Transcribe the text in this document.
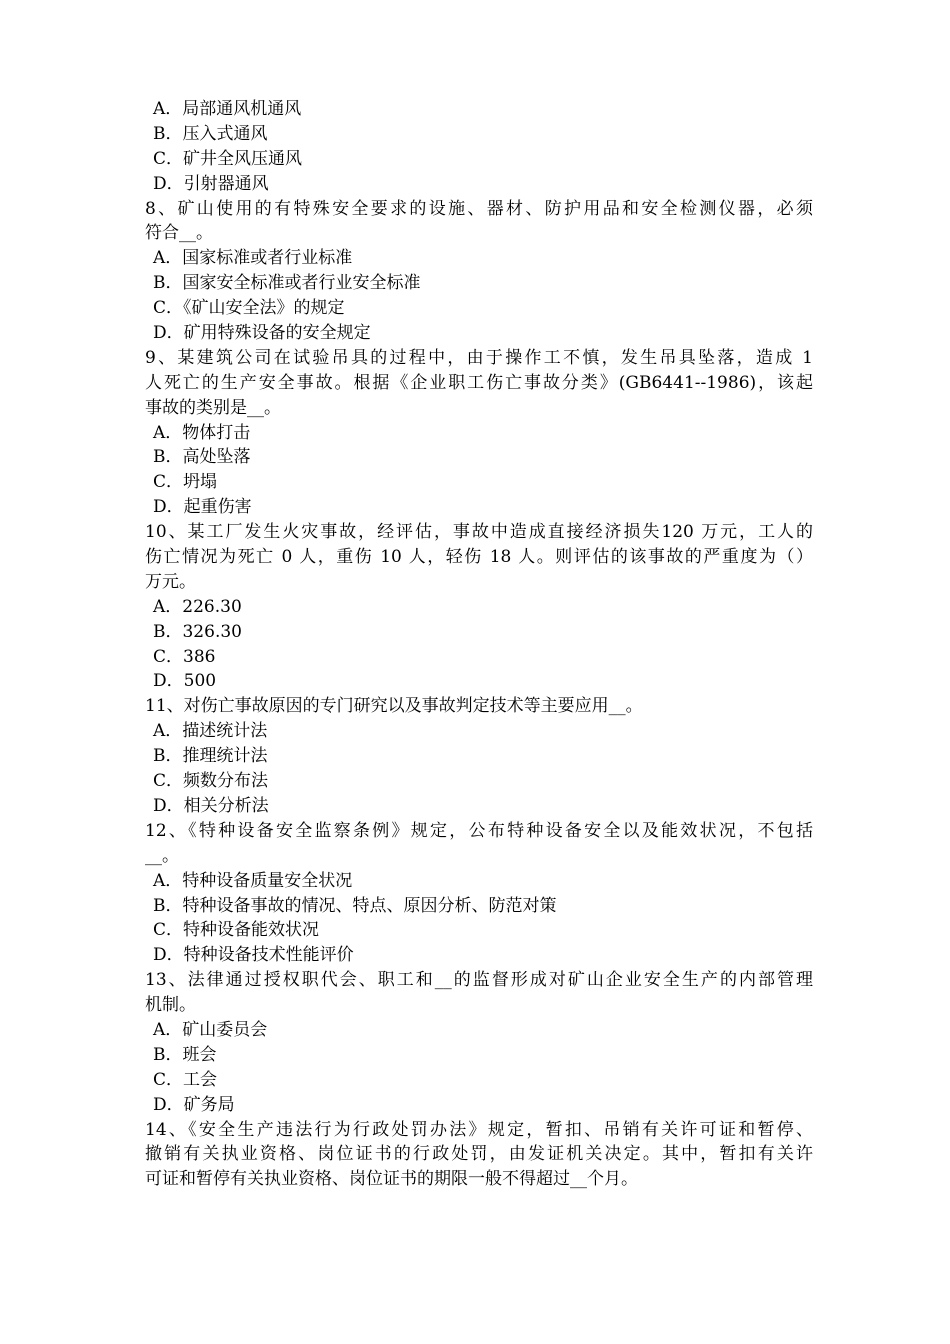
A．局部通风机通风
B．压入式通风
C．矿井全风压通风
D．引射器通风
8、矿山使用的有特殊安全要求的设施、器材、防护用品和安全检测仪器，必须
符合__。
A．国家标准或者行业标准
B．国家安全标准或者行业安全标准
C．《矿山安全法》的规定
D．矿用特殊设备的安全规定
9、某建筑公司在试验吊具的过程中，由于操作工不慎，发生吊具坠落，造成 1
人死亡的生产安全事故。根据《企业职工伤亡事故分类》(GB6441--1986)，该起
事故的类别是__。
A．物体打击
B．高处坠落
C．坍塌
D．起重伤害
10、某工厂发生火灾事故，经评估，事故中造成直接经济损失120 万元，工人的
伤亡情况为死亡 0 人，重伤 10 人，轻伤 18 人。则评估的该事故的严重度为（）
万元。
A．226.30
B．326.30
C．386
D．500
11、对伤亡事故原因的专门研究以及事故判定技术等主要应用__。
A．描述统计法
B．推理统计法
C．频数分布法
D．相关分析法
12、《特种设备安全监察条例》规定，公布特种设备安全以及能效状况，不包括
__。
A．特种设备质量安全状况
B．特种设备事故的情况、特点、原因分析、防范对策
C．特种设备能效状况
D．特种设备技术性能评价
13、法律通过授权职代会、职工和__的监督形成对矿山企业安全生产的内部管理
机制。
A．矿山委员会
B．班会
C．工会
D．矿务局
14、《安全生产违法行为行政处罚办法》规定，暂扣、吊销有关许可证和暂停、
撤销有关执业资格、岗位证书的行政处罚，由发证机关决定。其中，暂扣有关许
可证和暂停有关执业资格、岗位证书的期限一般不得超过__个月。
